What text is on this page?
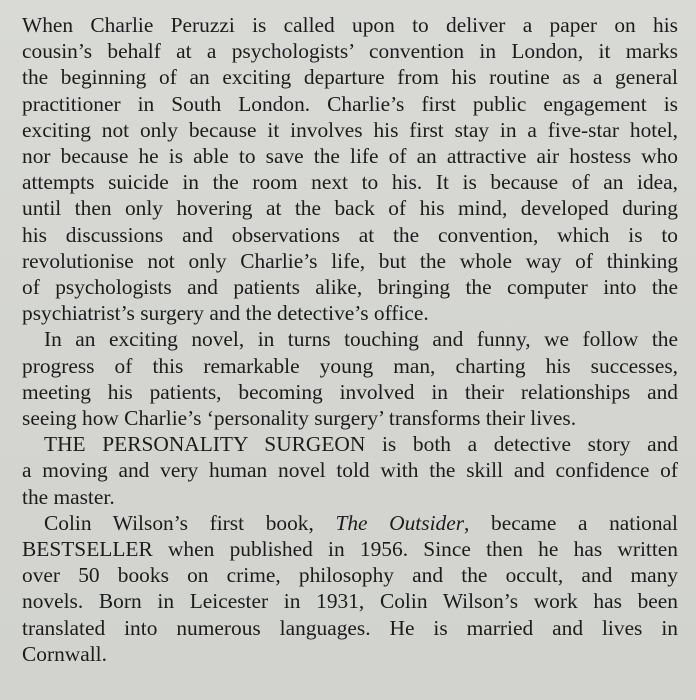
When Charlie Peruzzi is called upon to deliver a paper on his
cousin’s behalf at a psychologists’ convention in London, it marks
the beginning of an exciting departure from his routine as a general
practitioner in South London. Charlie’s first public engagement is
exciting not only because it involves his first stay in a five-star hotel,
nor because he is able to save the life of an attractive air hostess who
attempts suicide in the room next to his. It is because of an idea,
until then only hovering at the back of his mind, developed during
his discussions and observations at the convention, which is to
revolutionise not only Charlie’s life, but the whole way of thinking
of psychologists and patients alike, bringing the computer into the
psychiatrist’s surgery and the detective’s office.

In an exciting novel, in turns touching and funny, we follow the
progress of this remarkable young man, charting his successes,
meeting his patients, becoming involved in their relationships and
seeing how Charlie’s ‘personality surgery’ transforms their lives.

THE PERSONALITY SURGEON is both a detective story and
a moving and very human novel told with the skill and confidence of
the master.

Colin Wilson’s first book, The Outsider, became a national
BESTSELLER when published in 1956. Since then he has written
over 50 books on crime, philosophy and the occult, and many
novels. Born in Leicester in 1931, Colin Wilson’s work has been
translated into numerous languages. He is married and lives in
Cornwall.
